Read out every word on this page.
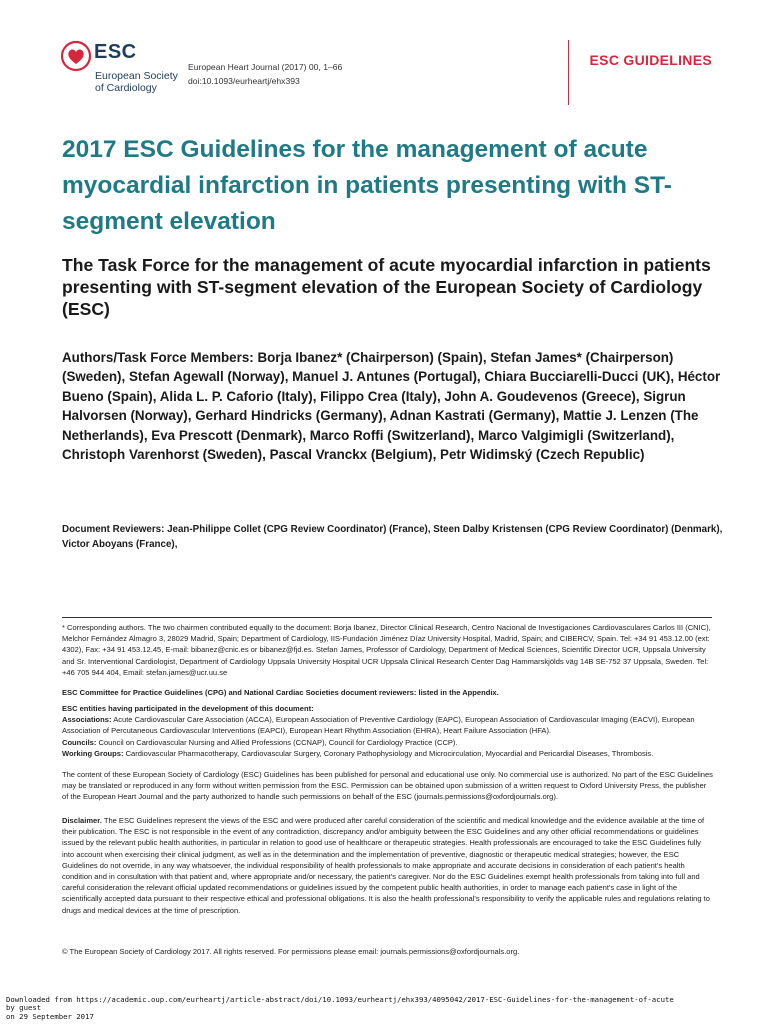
ESC
European Society
of Cardiology
European Heart Journal (2017) 00, 1–66
doi:10.1093/eurheartj/ehx393
ESC GUIDELINES
2017 ESC Guidelines for the management of acute myocardial infarction in patients presenting with ST-segment elevation
The Task Force for the management of acute myocardial infarction in patients presenting with ST-segment elevation of the European Society of Cardiology (ESC)

Authors/Task Force Members: Borja Ibanez* (Chairperson) (Spain), Stefan James* (Chairperson) (Sweden), Stefan Agewall (Norway), Manuel J. Antunes (Portugal), Chiara Bucciarelli-Ducci (UK), Héctor Bueno (Spain), Alida L. P. Caforio (Italy), Filippo Crea (Italy), John A. Goudevenos (Greece), Sigrun Halvorsen (Norway), Gerhard Hindricks (Germany), Adnan Kastrati (Germany), Mattie J. Lenzen (The Netherlands), Eva Prescott (Denmark), Marco Roffi (Switzerland), Marco Valgimigli (Switzerland), Christoph Varenhorst (Sweden), Pascal Vranckx (Belgium), Petr Widimský (Czech Republic)

Document Reviewers: Jean-Philippe Collet (CPG Review Coordinator) (France), Steen Dalby Kristensen (CPG Review Coordinator) (Denmark), Victor Aboyans (France),

* Corresponding authors. The two chairmen contributed equally to the document: Borja Ibanez, Director Clinical Research, Centro Nacional de Investigaciones Cardiovasculares Carlos III (CNIC), Melchor Fernández Almagro 3, 28029 Madrid, Spain; Department of Cardiology, IIS-Fundación Jiménez Díaz University Hospital, Madrid, Spain; and CIBERCV, Spain. Tel: +34 91 453.12.00 (ext: 4302), Fax: +34 91 453.12.45, E-mail: bibanez@cnic.es or bibanez@fjd.es. Stefan James, Professor of Cardiology, Department of Medical Sciences, Scientific Director UCR, Uppsala University and Sr. Interventional Cardiologist, Department of Cardiology Uppsala University Hospital UCR Uppsala Clinical Research Center Dag Hammarskjölds väg 14B SE-752 37 Uppsala, Sweden. Tel: +46 705 944 404, Email: stefan.james@ucr.uu.se

ESC Committee for Practice Guidelines (CPG) and National Cardiac Societies document reviewers: listed in the Appendix.

ESC entities having participated in the development of this document:
Associations: Acute Cardiovascular Care Association (ACCA), European Association of Preventive Cardiology (EAPC), European Association of Cardiovascular Imaging (EACVI), European Association of Percutaneous Cardiovascular Interventions (EAPCI), European Heart Rhythm Association (EHRA), Heart Failure Association (HFA).
Councils: Council on Cardiovascular Nursing and Allied Professions (CCNAP), Council for Cardiology Practice (CCP).
Working Groups: Cardiovascular Pharmacotherapy, Cardiovascular Surgery, Coronary Pathophysiology and Microcirculation, Myocardial and Pericardial Diseases, Thrombosis.

The content of these European Society of Cardiology (ESC) Guidelines has been published for personal and educational use only. No commercial use is authorized. No part of the ESC Guidelines may be translated or reproduced in any form without written permission from the ESC. Permission can be obtained upon submission of a written request to Oxford University Press, the publisher of the European Heart Journal and the party authorized to handle such permissions on behalf of the ESC (journals.permissions@oxfordjournals.org).

Disclaimer. The ESC Guidelines represent the views of the ESC and were produced after careful consideration of the scientific and medical knowledge and the evidence available at the time of their publication. The ESC is not responsible in the event of any contradiction, discrepancy and/or ambiguity between the ESC Guidelines and any other official recommendations or guidelines issued by the relevant public health authorities, in particular in relation to good use of healthcare or therapeutic strategies. Health professionals are encouraged to take the ESC Guidelines fully into account when exercising their clinical judgment, as well as in the determination and the implementation of preventive, diagnostic or therapeutic medical strategies; however, the ESC Guidelines do not override, in any way whatsoever, the individual responsibility of health professionals to make appropriate and accurate decisions in consideration of each patient's health condition and in consultation with that patient and, where appropriate and/or necessary, the patient's caregiver. Nor do the ESC Guidelines exempt health professionals from taking into full and careful consideration the relevant official updated recommendations or guidelines issued by the competent public health authorities, in order to manage each patient's case in light of the scientifically accepted data pursuant to their respective ethical and professional obligations. It is also the health professional's responsibility to verify the applicable rules and regulations relating to drugs and medical devices at the time of prescription.

© The European Society of Cardiology 2017. All rights reserved. For permissions please email: journals.permissions@oxfordjournals.org.

Downloaded from https://academic.oup.com/eurheartj/article-abstract/doi/10.1093/eurheartj/ehx393/4095042/2017-ESC-Guidelines-for-the-management-of-acute
by guest
on 29 September 2017
